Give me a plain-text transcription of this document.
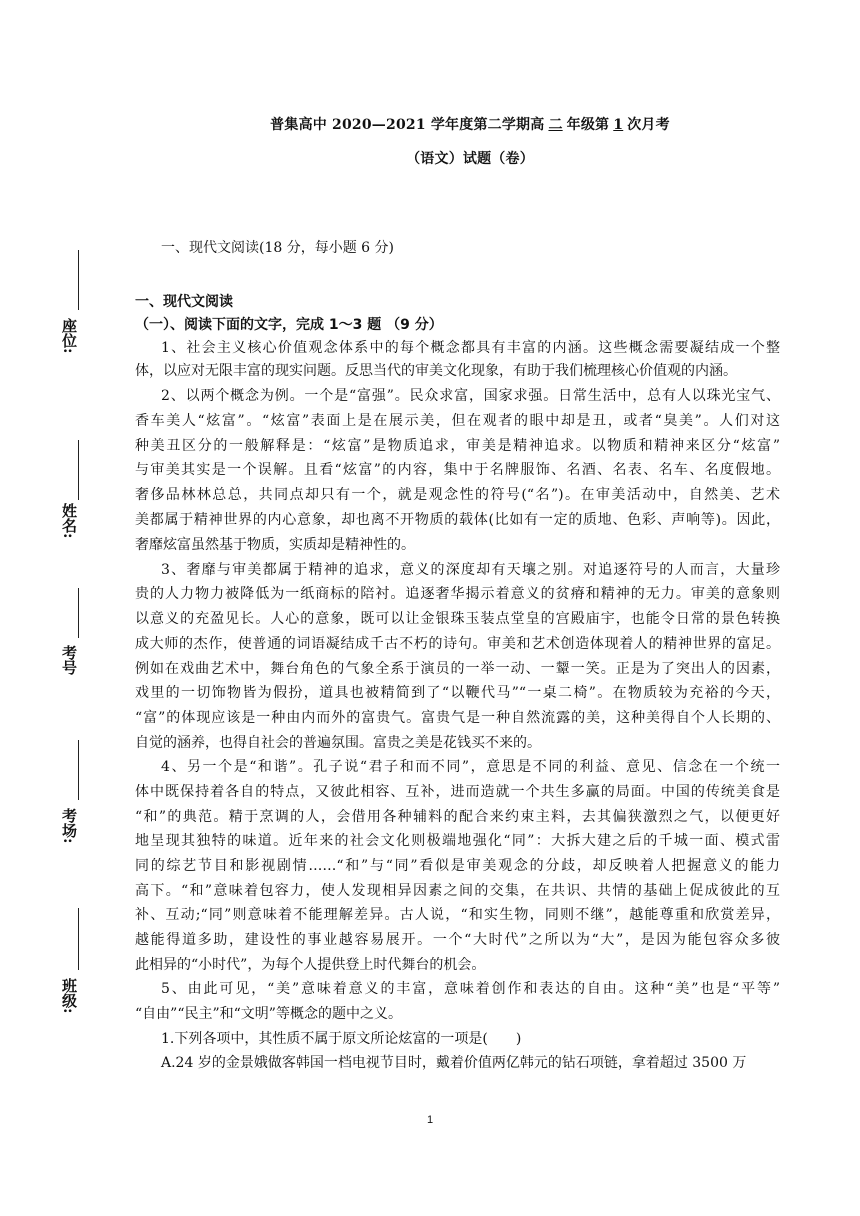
普集高中 2020—2021 学年度第二学期高 二 年级第 1 次月考
（语文）试题（卷）
座位:
姓名:
考号
考场:
班级:
一、现代文阅读(18 分，每小题 6 分)
一、现代文阅读
（一）、阅读下面的文字，完成 1～3 题 （9 分）
1、社会主义核心价值观念体系中的每个概念都具有丰富的内涵。这些概念需要凝结成一个整
体，以应对无限丰富的现实问题。反思当代的审美文化现象，有助于我们梳理核心价值观的内涵。
2、以两个概念为例。一个是“富强”。民众求富，国家求强。日常生活中，总有人以珠光宝气、
香车美人“炫富”。“炫富”表面上是在展示美，但在观者的眼中却是丑，或者“臭美”。人们对这
种美丑区分的一般解释是：“炫富”是物质追求，审美是精神追求。以物质和精神来区分“炫富”
与审美其实是一个误解。且看“炫富”的内容，集中于名牌服饰、名酒、名表、名车、名度假地。
奢侈品林林总总，共同点却只有一个，就是观念性的符号(“名”)。在审美活动中，自然美、艺术
美都属于精神世界的内心意象，却也离不开物质的载体(比如有一定的质地、色彩、声响等)。因此，
奢靡炫富虽然基于物质，实质却是精神性的。
3、奢靡与审美都属于精神的追求，意义的深度却有天壤之别。对追逐符号的人而言，大量珍
贵的人力物力被降低为一纸商标的陪衬。追逐奢华揭示着意义的贫瘠和精神的无力。审美的意象则
以意义的充盈见长。人心的意象，既可以让金银珠玉装点堂皇的宫殿庙宇，也能令日常的景色转换
成大师的杰作，使普通的词语凝结成千古不朽的诗句。审美和艺术创造体现着人的精神世界的富足。
例如在戏曲艺术中，舞台角色的气象全系于演员的一举一动、一颦一笑。正是为了突出人的因素，
戏里的一切饰物皆为假扮，道具也被精简到了“以鞭代马”“一桌二椅”。在物质较为充裕的今天，
“富”的体现应该是一种由内而外的富贵气。富贵气是一种自然流露的美，这种美得自个人长期的、
自觉的涵养，也得自社会的普遍氛围。富贵之美是花钱买不来的。
4、另一个是“和谐”。孔子说“君子和而不同”，意思是不同的利益、意见、信念在一个统一
体中既保持着各自的特点，又彼此相容、互补，进而造就一个共生多赢的局面。中国的传统美食是
“和”的典范。精于烹调的人，会借用各种辅料的配合来约束主料，去其偏狭激烈之气，以便更好
地呈现其独特的味道。近年来的社会文化则极端地强化“同”：大拆大建之后的千城一面、模式雷
同的综艺节目和影视剧情……“和”与“同”看似是审美观念的分歧，却反映着人把握意义的能力
高下。“和”意味着包容力，使人发现相异因素之间的交集，在共识、共情的基础上促成彼此的互
补、互动;“同”则意味着不能理解差异。古人说，“和实生物，同则不继”，越能尊重和欣赏差异，
越能得道多助，建设性的事业越容易展开。一个“大时代”之所以为“大”，是因为能包容众多彼
此相异的“小时代”，为每个人提供登上时代舞台的机会。
5、由此可见，“美”意味着意义的丰富，意味着创作和表达的自由。这种“美”也是“平等”
“自由”“民主”和“文明”等概念的题中之义。
1.下列各项中，其性质不属于原文所论炫富的一项是(　　)
A.24 岁的金景娥做客韩国一档电视节目时，戴着价值两亿韩元的钻石项链，拿着超过 3500 万
1
